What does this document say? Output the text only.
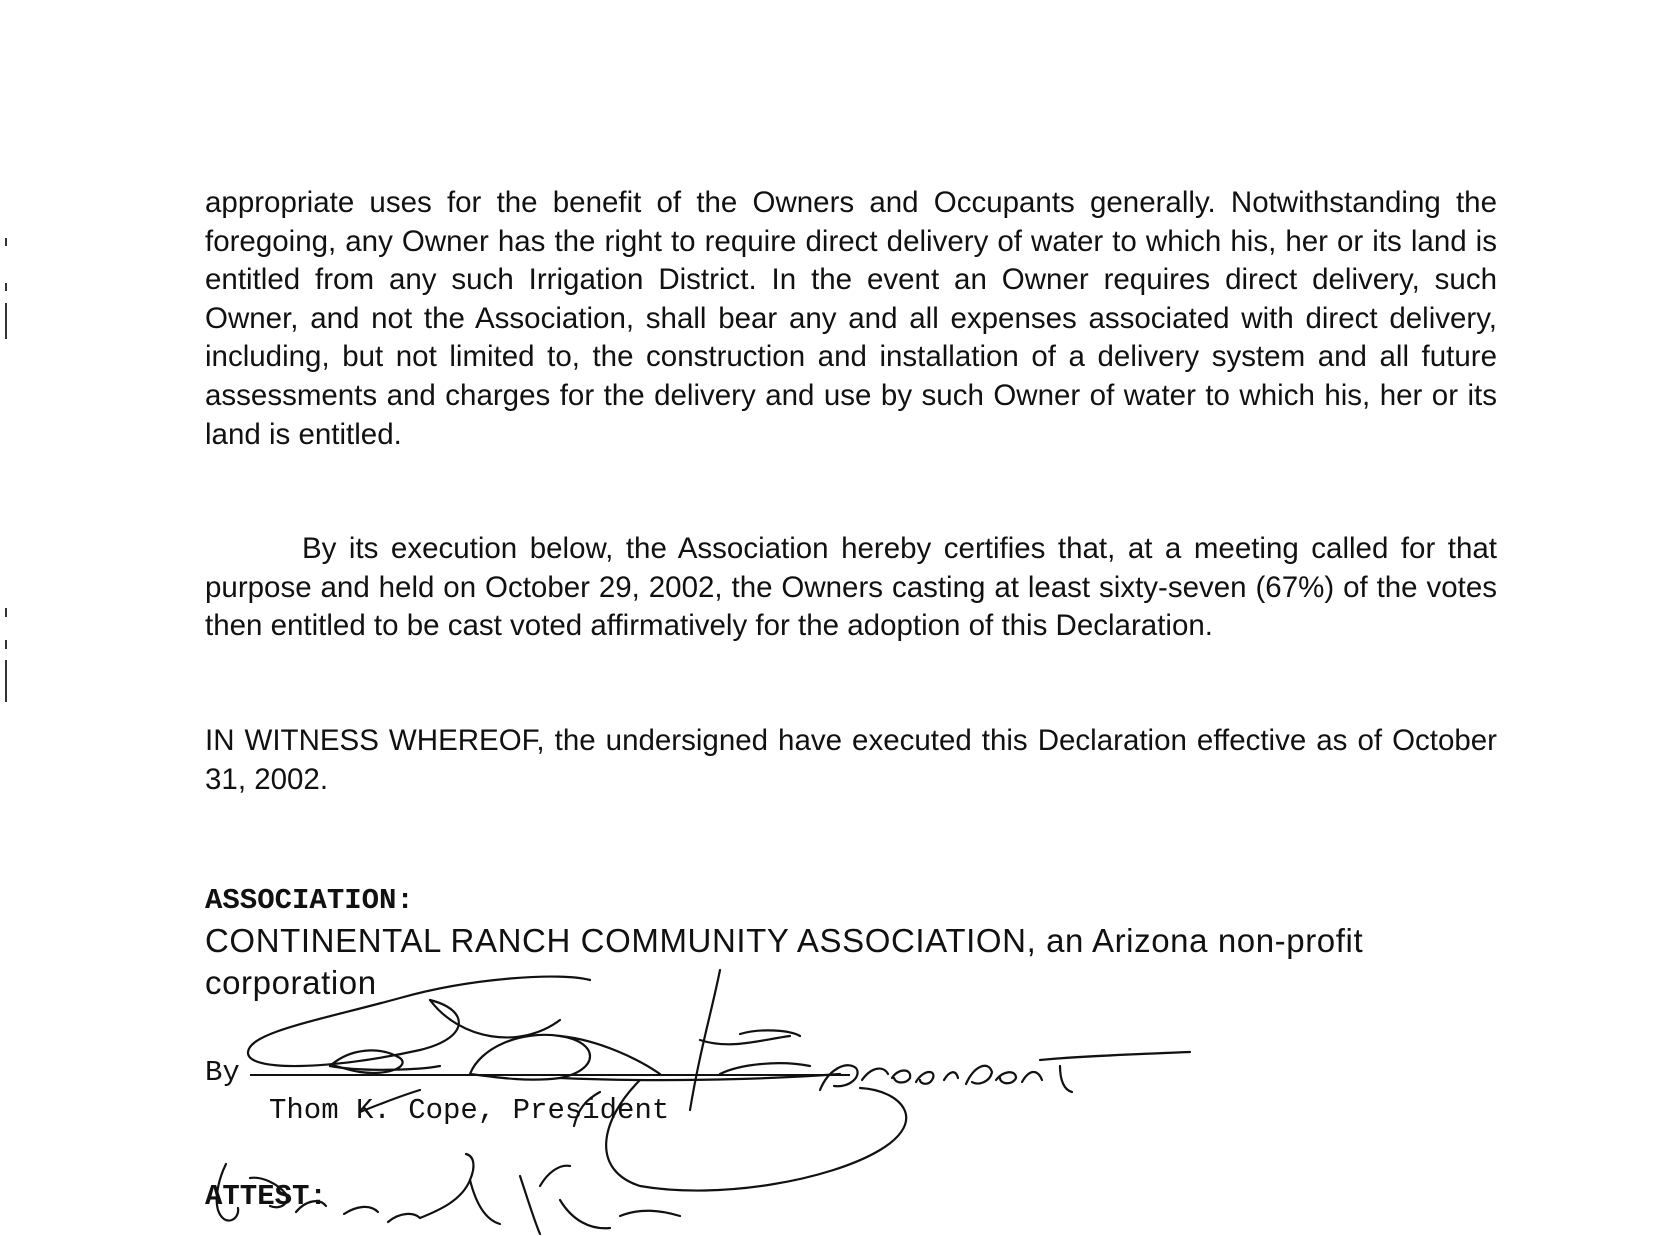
appropriate uses for the benefit of the Owners and Occupants generally. Notwithstanding the foregoing, any Owner has the right to require direct delivery of water to which his, her or its land is entitled from any such Irrigation District. In the event an Owner requires direct delivery, such Owner, and not the Association, shall bear any and all expenses associated with direct delivery, including, but not limited to, the construction and installation of a delivery system and all future assessments and charges for the delivery and use by such Owner of water to which his, her or its land is entitled.

By its execution below, the Association hereby certifies that, at a meeting called for that purpose and held on October 29, 2002, the Owners casting at least sixty-seven (67%) of the votes then entitled to be cast voted affirmatively for the adoption of this Declaration.

IN WITNESS WHEREOF, the undersigned have executed this Declaration effective as of October 31, 2002.

ASSOCIATION:

CONTINENTAL RANCH COMMUNITY ASSOCIATION, an Arizona non-profit corporation

By

Thom K. Cope, President

ATTEST:
